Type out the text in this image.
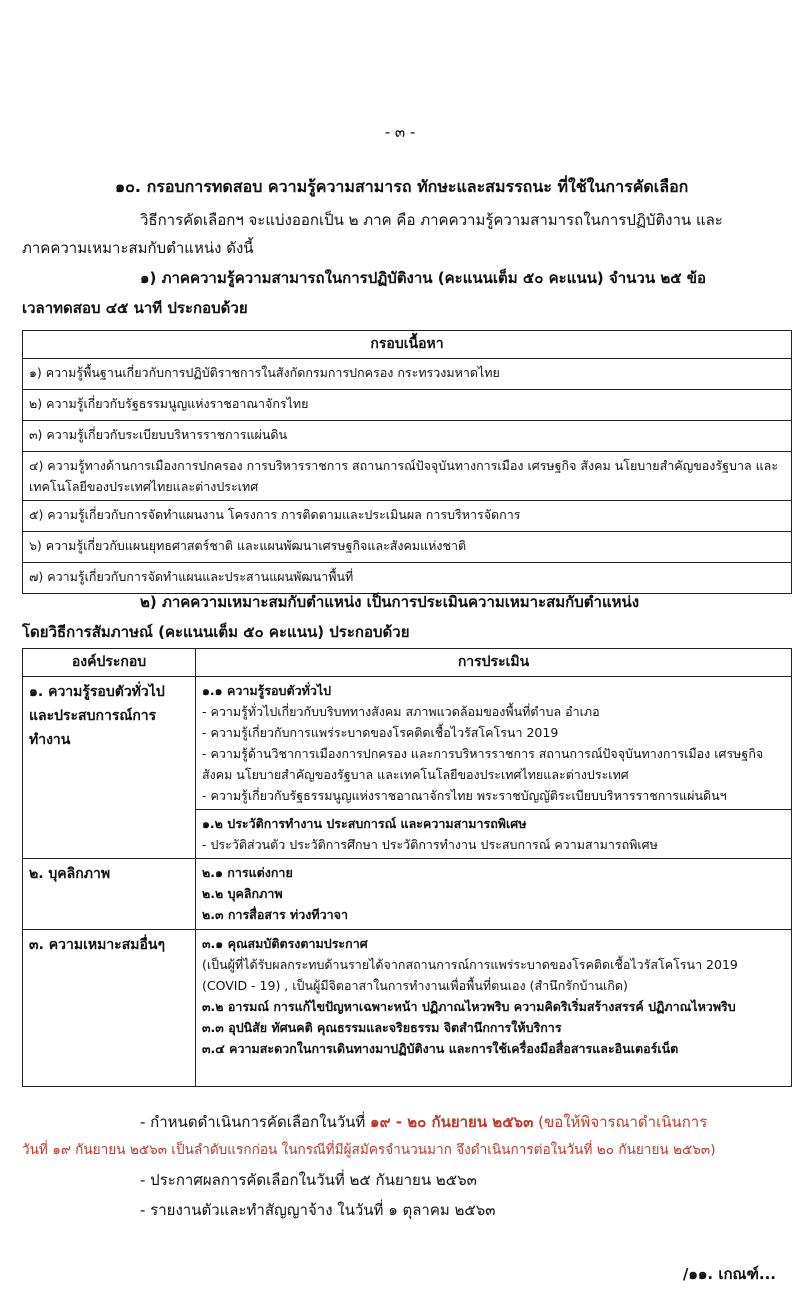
- ๓ -
๑๐. กรอบการทดสอบ ความรู้ความสามารถ ทักษะและสมรรถนะ ที่ใช้ในการคัดเลือก
วิธีการคัดเลือกฯ จะแบ่งออกเป็น ๒ ภาค คือ ภาคความรู้ความสามารถในการปฏิบัติงาน และ
ภาคความเหมาะสมกับตำแหน่ง ดังนี้
๑) ภาคความรู้ความสามารถในการปฏิบัติงาน (คะแนนเต็ม ๕๐ คะแนน) จำนวน ๒๕ ข้อ
เวลาทดสอบ ๔๕ นาที ประกอบด้วย
กรอบเนื้อหา
๑) ความรู้พื้นฐานเกี่ยวกับการปฏิบัติราชการในสังกัดกรมการปกครอง กระทรวงมหาดไทย
๒) ความรู้เกี่ยวกับรัฐธรรมนูญแห่งราชอาณาจักรไทย
๓) ความรู้เกี่ยวกับระเบียบบริหารราชการแผ่นดิน
๔) ความรู้ทางด้านการเมืองการปกครอง การบริหารราชการ สถานการณ์ปัจจุบันทางการเมือง เศรษฐกิจ สังคม นโยบายสำคัญของรัฐบาล และเทคโนโลยีของประเทศไทยและต่างประเทศ
๕) ความรู้เกี่ยวกับการจัดทำแผนงาน โครงการ การติดตามและประเมินผล การบริหารจัดการ
๖) ความรู้เกี่ยวกับแผนยุทธศาสตร์ชาติ และแผนพัฒนาเศรษฐกิจและสังคมแห่งชาติ
๗) ความรู้เกี่ยวกับการจัดทำแผนและประสานแผนพัฒนาพื้นที่
๒) ภาคความเหมาะสมกับตำแหน่ง เป็นการประเมินความเหมาะสมกับตำแหน่ง
โดยวิธีการสัมภาษณ์ (คะแนนเต็ม ๕๐ คะแนน) ประกอบด้วย
องค์ประกอบ	การประเมิน
๑. ความรู้รอบตัวทั่วไปและประสบการณ์การทำงาน	๑.๑ ความรู้รอบตัวทั่วไป
- ความรู้ทั่วไปเกี่ยวกับบริบททางสังคม สภาพแวดล้อมของพื้นที่ตำบล อำเภอ
- ความรู้เกี่ยวกับการแพร่ระบาดของโรคติดเชื้อไวรัสโคโรนา 2019
- ความรู้ด้านวิชาการเมืองการปกครอง และการบริหารราชการ สถานการณ์ปัจจุบันทางการเมือง เศรษฐกิจ สังคม นโยบายสำคัญของรัฐบาล และเทคโนโลยีของประเทศไทยและต่างประเทศ
- ความรู้เกี่ยวกับรัฐธรรมนูญแห่งราชอาณาจักรไทย พระราชบัญญัติระเบียบบริหารราชการแผ่นดินฯ

	๑.๒ ประวัติการทำงาน ประสบการณ์ และความสามารถพิเศษ
- ประวัติส่วนตัว ประวัติการศึกษา ประวัติการทำงาน ประสบการณ์ ความสามารถพิเศษ

๒. บุคลิกภาพ	๒.๑ การแต่งกาย
๒.๒ บุคลิกภาพ
๒.๓ การสื่อสาร ท่วงทีวาจา

๓. ความเหมาะสมอื่นๆ	๓.๑ คุณสมบัติตรงตามประกาศ
(เป็นผู้ที่ได้รับผลกระทบด้านรายได้จากสถานการณ์การแพร่ระบาดของโรคติดเชื้อไวรัสโคโรนา 2019 (COVID - 19) , เป็นผู้มีจิตอาสาในการทำงานเพื่อพื้นที่ตนเอง (สำนึกรักบ้านเกิด)
๓.๒ อารมณ์ การแก้ไขปัญหาเฉพาะหน้า ปฏิภาณไหวพริบ ความคิดริเริ่มสร้างสรรค์ ปฏิภาณไหวพริบ
๓.๓ อุปนิสัย ทัศนคติ คุณธรรมและจริยธรรม จิตสำนึกการให้บริการ
๓.๔ ความสะดวกในการเดินทางมาปฏิบัติงาน และการใช้เครื่องมือสื่อสารและอินเตอร์เน็ต
- กำหนดดำเนินการคัดเลือกในวันที่ ๑๙ - ๒๐ กันยายน ๒๕๖๓ (ขอให้พิจารณาดำเนินการ
วันที่ ๑๙ กันยายน ๒๕๖๓ เป็นลำดับแรกก่อน ในกรณีที่มีผู้สมัครจำนวนมาก จึงดำเนินการต่อในวันที่ ๒๐ กันยายน ๒๕๖๓)
- ประกาศผลการคัดเลือกในวันที่ ๒๕ กันยายน ๒๕๖๓
- รายงานตัวและทำสัญญาจ้าง ในวันที่ ๑ ตุลาคม ๒๕๖๓
/๑๑. เกณฑ์...
